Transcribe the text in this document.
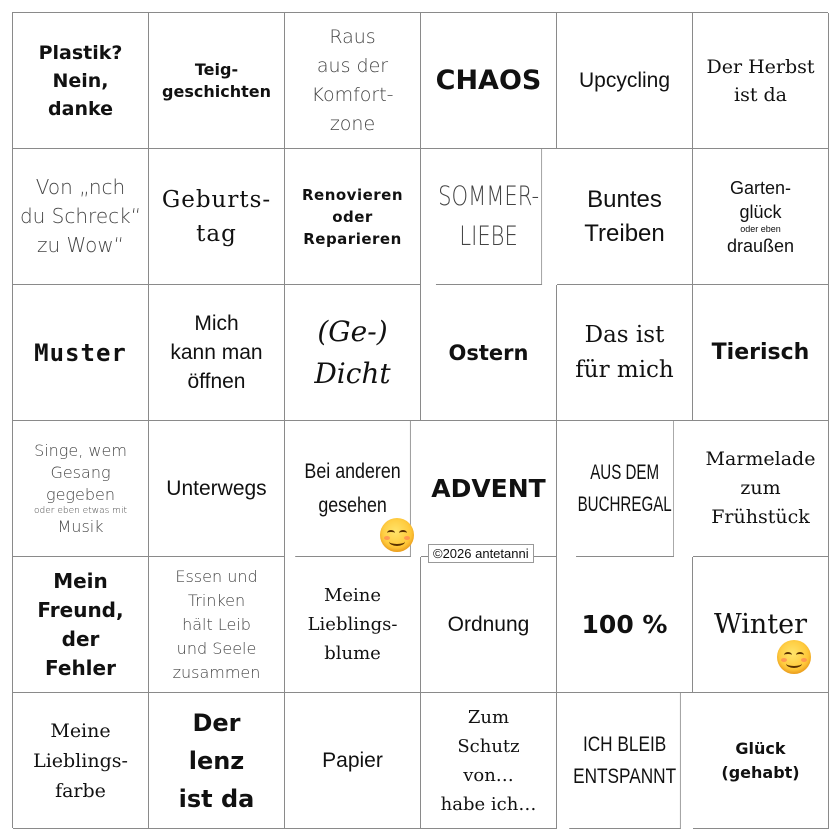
Plastik?
Nein,
danke
Teig-
geschichten
Raus
aus der
Komfort-
zone
CHAOS Upcycling
Der Herbst
ist da
Von „nch
du Schreck“
zu Wow“
Geburts-
tag
Renovieren
oder
Reparieren
SOMMER-
LIEBE
Buntes
Treiben
Garten-
glück
oder eben
draußen
Muster
Mich
kann man
öffnen
(Ge-)
Dicht
Ostern
Das ist
für mich
Tierisch
Singe, wem
Gesang
gegeben
oder eben etwas mit
Musik
Unterwegs
Bei anderen
gesehen
ADVENT
AUS DEM
BUCHREGAL
Marmelade
zum
Frühstück
Mein
Freund,
der
Fehler
Essen und
Trinken
hält Leib
und Seele
zusammen
Meine
Lieblings-
blume
Ordnung 100 % Winter
Meine
Lieblings-
farbe
Der
lenz
ist da
Papier
Zum
Schutz
von…
habe ich…
ICH BLEIB
ENTSPANNT
Glück
(gehabt)
©2026 antetanni
